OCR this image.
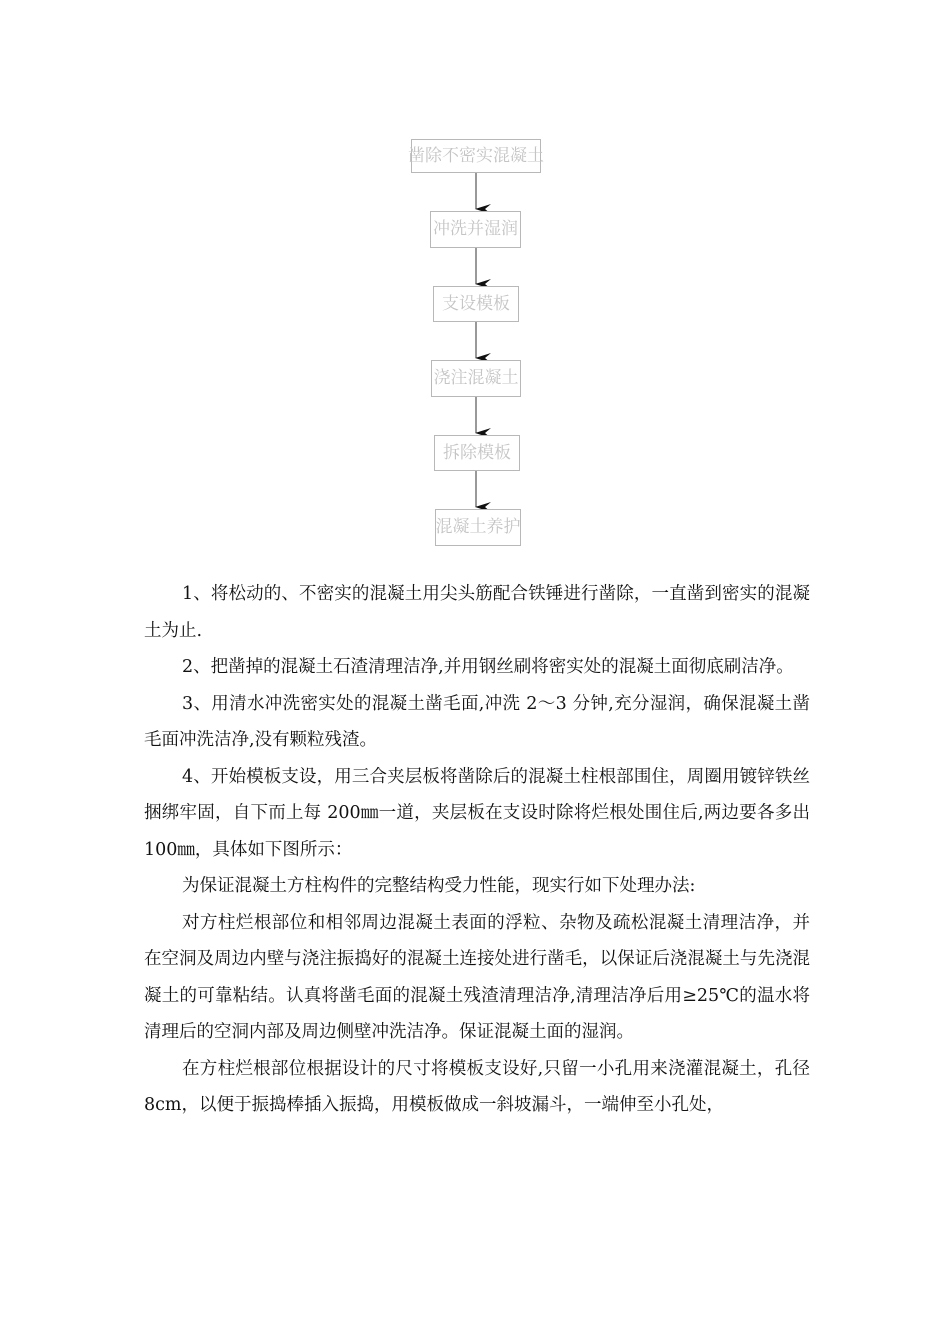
凿除不密实混凝土
冲洗并湿润
支设模板
浇注混凝土
拆除模板
混凝土养护

1、将松动的、不密实的混凝土用尖头筋配合铁锤进行凿除，一直凿到密实的混凝土为止.

2、把凿掉的混凝土石渣清理洁净,并用钢丝刷将密实处的混凝土面彻底刷洁净。

3、用清水冲洗密实处的混凝土凿毛面,冲洗 2～3 分钟,充分湿润，确保混凝土凿毛面冲洗洁净,没有颗粒残渣。

4、开始模板支设，用三合夹层板将凿除后的混凝土柱根部围住，周圈用镀锌铁丝捆绑牢固，自下而上每 200㎜一道，夹层板在支设时除将烂根处围住后,两边要各多出 100㎜，具体如下图所示：

为保证混凝土方柱构件的完整结构受力性能，现实行如下处理办法:

对方柱烂根部位和相邻周边混凝土表面的浮粒、杂物及疏松混凝土清理洁净，并在空洞及周边内壁与浇注振捣好的混凝土连接处进行凿毛，以保证后浇混凝土与先浇混凝土的可靠粘结。认真将凿毛面的混凝土残渣清理洁净,清理洁净后用≥25℃的温水将清理后的空洞内部及周边侧壁冲洗洁净。保证混凝土面的湿润。

在方柱烂根部位根据设计的尺寸将模板支设好,只留一小孔用来浇灌混凝土，孔径 8cm，以便于振捣棒插入振捣，用模板做成一斜坡漏斗，一端伸至小孔处，
